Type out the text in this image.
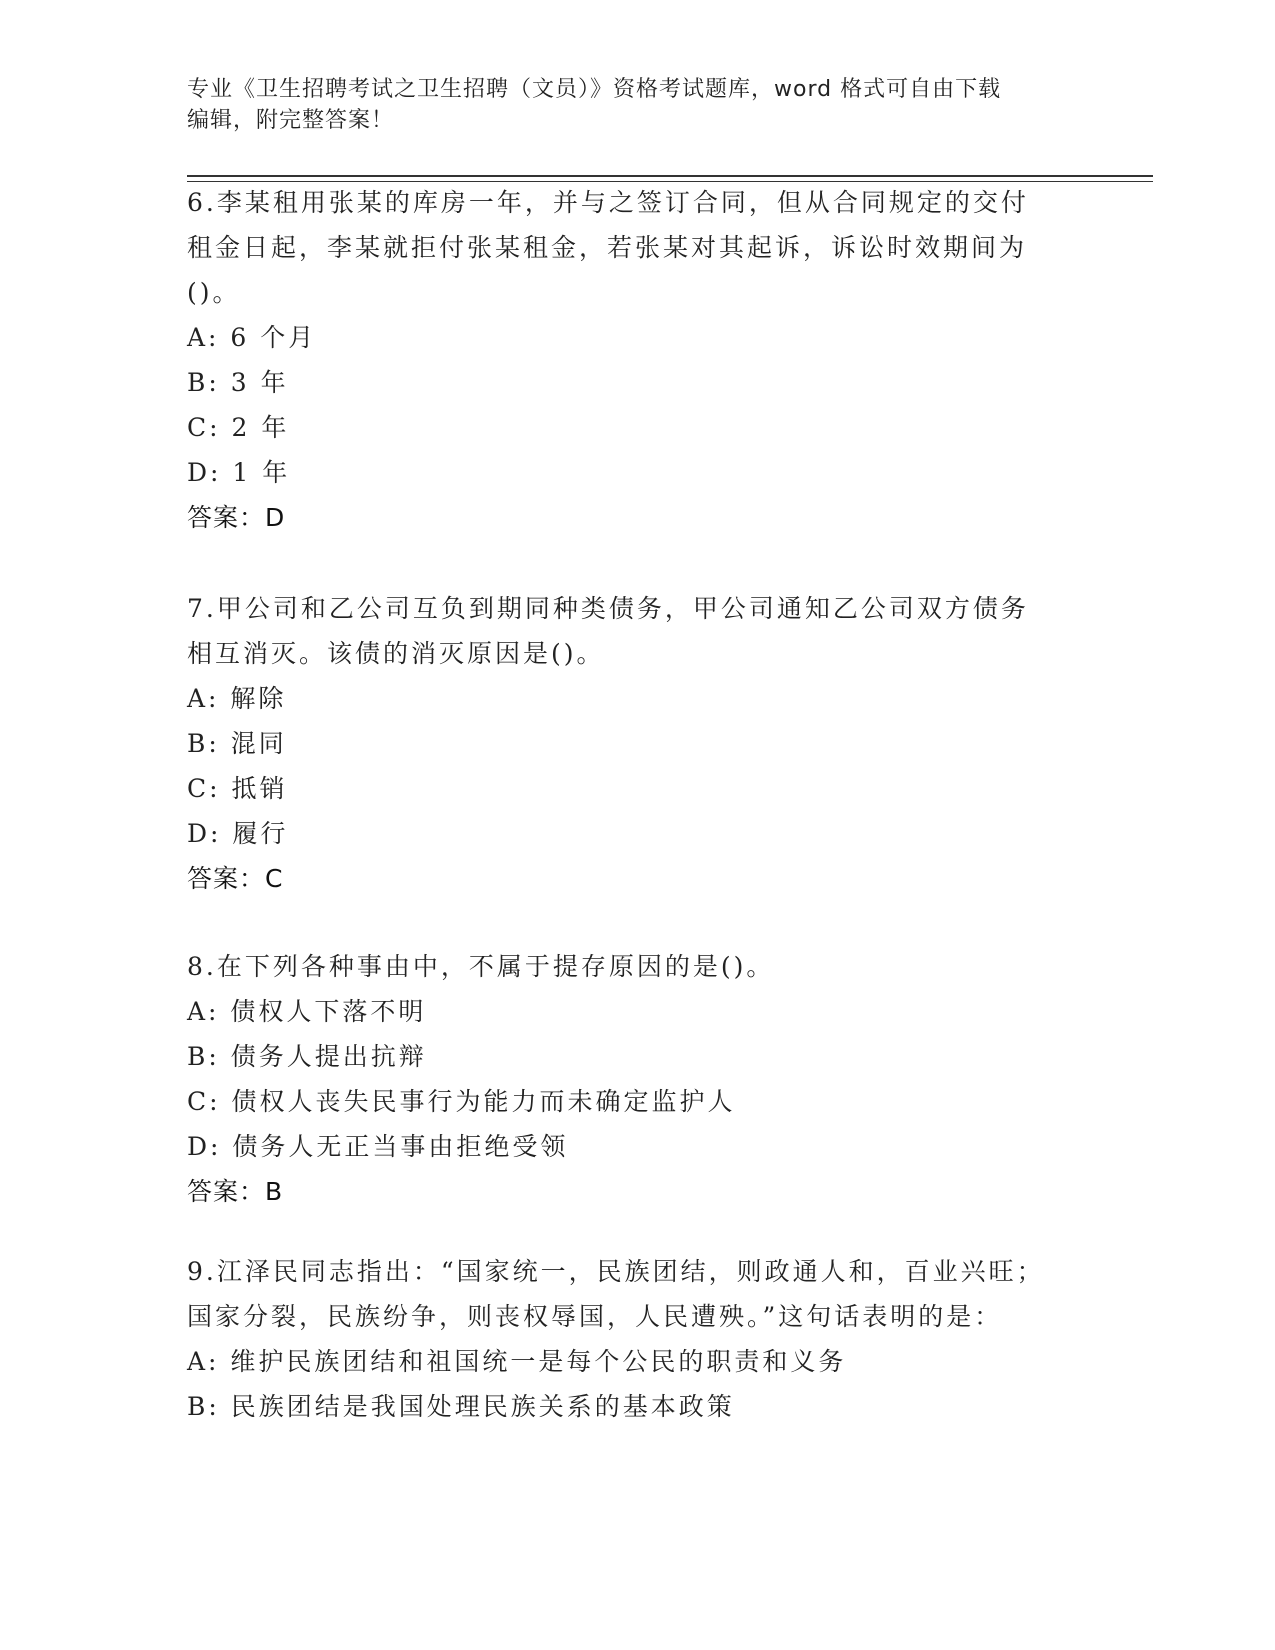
专业《卫生招聘考试之卫生招聘（文员）》资格考试题库，word 格式可自由下载
编辑，附完整答案！

6.李某租用张某的库房一年，并与之签订合同，但从合同规定的交付

租金日起，李某就拒付张某租金，若张某对其起诉，诉讼时效期间为

()。

A: 6 个月

B: 3 年

C: 2 年

D: 1 年

答案：D

7.甲公司和乙公司互负到期同种类债务，甲公司通知乙公司双方债务

相互消灭。该债的消灭原因是()。

A: 解除

B: 混同

C: 抵销

D: 履行

答案：C

8.在下列各种事由中，不属于提存原因的是()。

A: 债权人下落不明

B: 债务人提出抗辩

C: 债权人丧失民事行为能力而未确定监护人

D: 债务人无正当事由拒绝受领

答案：B

9.江泽民同志指出：“国家统一，民族团结，则政通人和，百业兴旺；

国家分裂，民族纷争，则丧权辱国，人民遭殃。”这句话表明的是：

A: 维护民族团结和祖国统一是每个公民的职责和义务

B: 民族团结是我国处理民族关系的基本政策
